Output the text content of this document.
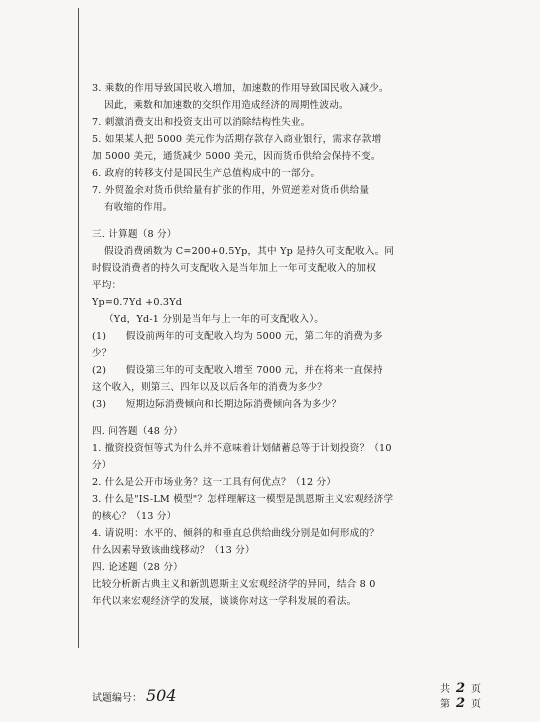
3. 乘数的作用导致国民收入增加，加速数的作用导致国民收入减少。

因此，乘数和加速数的交织作用造成经济的周期性波动。

7. 刺激消费支出和投资支出可以消除结构性失业。

5. 如果某人把 5000 美元作为活期存款存入商业银行，需求存款增

加 5000 美元，通货减少 5000 美元，因而货币供给会保持不变。

6. 政府的转移支付是国民生产总值构成中的一部分。

7. 外贸盈余对货币供给量有扩张的作用，外贸逆差对货币供给量

有收缩的作用。

三. 计算题（8 分）

假设消费函数为 C=200+0.5Yp，其中 Yp 是持久可支配收入。同

时假设消费者的持久可支配收入是当年加上一年可支配收入的加权

平均：

Yp=0.7Yd +0.3Yd

（Yd，Yd-1 分别是当年与上一年的可支配收入）。

(1)　　假设前两年的可支配收入均为 5000 元，第二年的消费为多

少？

(2)　　假设第三年的可支配收入增至 7000 元，并在将来一直保持

这个收入，则第三、四年以及以后各年的消费为多少？

(3)　　短期边际消费倾向和长期边际消费倾向各为多少？

四. 问答题（48 分）

1. 撤资投资恒等式为什么并不意味着计划储蓄总等于计划投资？（10

分）

2. 什么是公开市场业务？这一工具有何优点？（12 分）

3. 什么是"IS-LM 模型"？怎样理解这一模型是凯恩斯主义宏观经济学

的核心？（13 分）

4. 请说明：水平的、倾斜的和垂直总供给曲线分别是如何形成的？

什么因素导致该曲线移动？（13 分）

四. 论述题（28 分）

比较分析新古典主义和新凯恩斯主义宏观经济学的异同，结合 8 0

年代以来宏观经济学的发展，谈谈你对这一学科发展的看法。

试题编号： 504	共 2 页
第 2 页
